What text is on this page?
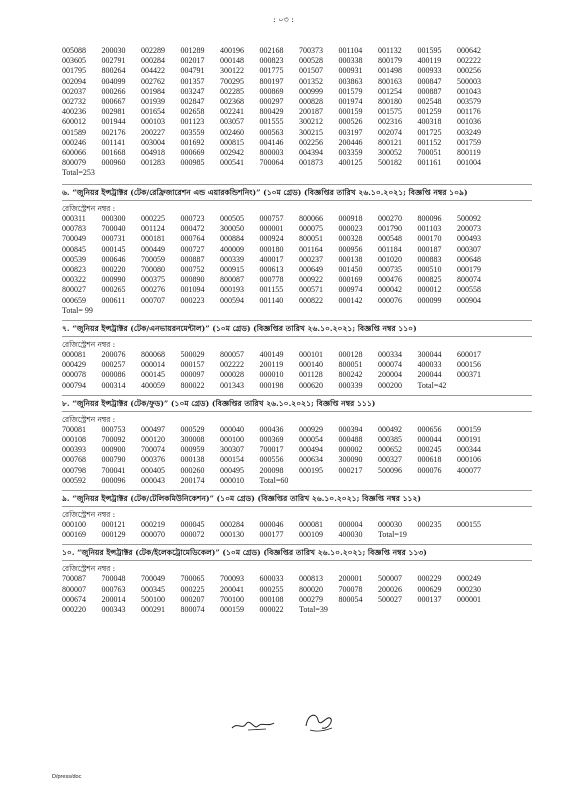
: ০৩ :
005088	200030	002289	001289	400196	002168	700373	001104	001132	001595	000642
003605	002791	000284	002017	000148	000823	000528	000338	800179	400119	002222
001795	800264	004422	004791	300122	001775	001507	000931	001498	000933	000256
002094	004099	002762	001357	700295	800197	001352	003863	800163	000847	500003
002037	000266	001984	003247	002285	000869	000999	001579	001254	000887	001043
002732	000667	001939	002847	002368	000297	000828	001974	800180	002548	003579
400236	002981	001654	002658	002241	800429	200187	000159	001575	001259	001176
600012	001944	000103	001123	003057	001555	300212	000526	002316	400318	001036
001589	002176	200227	003559	002460	000563	300215	003197	002074	001725	003249
000246	001141	003004	001692	000815	004146	002256	200446	800121	001152	001759
600066	001668	004918	000669	002942	800003	004394	003359	300052	700051	800119
800079	000960	001283	000985	000541	700064	001873	400125	500182	001161	001004
Total=253
৬. “জুনিয়র ইন্সট্রাক্টর (টেক/রেফ্রিজারেশন এন্ড এয়ারকন্ডিশনিং)” (১০ম গ্রেড) (বিজ্ঞপ্তির তারিখ ২৬.১০.২০২১; বিজ্ঞপ্তি নম্বর ১০৯)
রেজিস্ট্রেশন নম্বর :
000311	000300	000225	000723	000505	000757	800066	000918	000270	800096	500092
000783	700040	001124	000472	300050	000001	000075	000023	001790	001103	200073
700049	000731	000181	000764	000884	000924	800051	000328	000548	000170	000493
000845	000145	000449	000727	400009	000180	001164	000956	001184	000187	000307
000539	000646	700059	000887	000339	400017	000237	000138	001020	000883	000648
000823	000220	700080	000752	000915	000613	000649	001450	000735	000510	000179
000322	000990	000375	000890	800087	000778	000922	000169	000476	000825	800074
800027	000265	000276	001094	000193	001155	000571	000974	000042	000012	000558
000659	000611	000707	000223	000594	001140	000822	000142	000076	000099	000904
Total= 99
৭. “জুনিয়র ইন্সট্রাক্টর (টেক/এনভায়রনমেন্টাল)” (১০ম গ্রেড) (বিজ্ঞপ্তির তারিখ ২৬.১০.২০২১; বিজ্ঞপ্তি নম্বর ১১০)
রেজিস্ট্রেশন নম্বর :
000081	200076	800068	500029	800057	400149	000101	000128	000334	300044	600017
000429	000257	000014	000157	002222	200119	000140	800051	000074	400033	000156
000078	000086	000145	000097	000028	000010	001128	800242	200004	200044	000371
000794	000314	400059	800022	001343	000198	000620	000339	000200	Total=42
৮. “জুনিয়র ইন্সট্রাক্টর (টেক/ফুড)” (১০ম গ্রেড) (বিজ্ঞপ্তির তারিখ ২৬.১০.২০২১; বিজ্ঞপ্তি নম্বর ১১১)
রেজিস্ট্রেশন নম্বর :
700081	000753	000497	000529	000040	000436	000929	000394	000492	000656	000159
000108	700092	000120	300008	000100	000369	000054	000488	000385	000044	000191
000393	000900	700074	000959	300307	700017	000494	000002	000652	000245	000344
000768	000790	000376	000138	000154	000556	000634	300090	000327	000618	000106
000798	700041	000405	000260	000495	200098	000195	000217	500096	000076	400077
000592	000096	000043	200174	000010	Total=60
৯. “জুনিয়র ইন্সট্রাক্টর (টেক/টেলিকমিউনিকেশন)” (১০ম গ্রেড) (বিজ্ঞপ্তির তারিখ ২৬.১০.২০২১; বিজ্ঞপ্তি নম্বর ১১২)
রেজিস্ট্রেশন নম্বর :
000100	000121	000219	000045	000284	000046	000081	000004	000030	000235	000155
000169	000129	000070	000072	000130	000177	000109	400030	Total=19
১০. “জুনিয়র ইন্সট্রাক্টর (টেক/ইলেকট্রোমেডিকেল)” (১০ম গ্রেড) (বিজ্ঞপ্তির তারিখ ২৬.১০.২০২১; বিজ্ঞপ্তি নম্বর ১১৩)
রেজিস্ট্রেশন নম্বর :
700087	700048	700049	700065	700093	600033	000813	200001	500007	000229	000249
800007	000763	000345	000225	200041	000255	800020	700078	200026	000629	000230
000674	200014	500100	000207	700100	000108	000279	800054	500027	000137	000001
000220	000343	000291	800074	000159	000022	Total=39
D/press/doc
